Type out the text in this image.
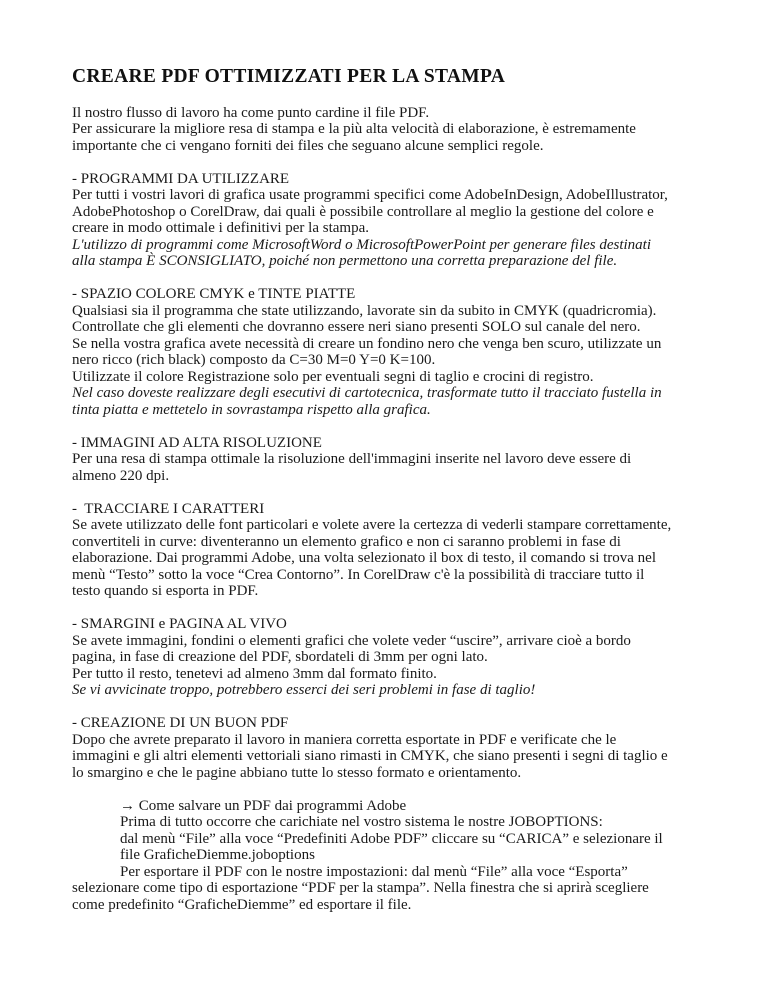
CREARE PDF OTTIMIZZATI PER LA STAMPA
Il nostro flusso di lavoro ha come punto cardine il file PDF.
Per assicurare la migliore resa di stampa e la più alta velocità di elaborazione, è estremamente
importante che ci vengano forniti dei files che seguano alcune semplici regole.
- PROGRAMMI DA UTILIZZARE
Per tutti i vostri lavori di grafica usate programmi specifici come AdobeInDesign, AdobeIllustrator,
AdobePhotoshop o CorelDraw, dai quali è possibile controllare al meglio la gestione del colore e
creare in modo ottimale i definitivi per la stampa.
L'utilizzo di programmi come MicrosoftWord o MicrosoftPowerPoint per generare files destinati
alla stampa È SCONSIGLIATO, poiché non permettono una corretta preparazione del file.
- SPAZIO COLORE CMYK e TINTE PIATTE
Qualsiasi sia il programma che state utilizzando, lavorate sin da subito in CMYK (quadricromia).
Controllate che gli elementi che dovranno essere neri siano presenti SOLO sul canale del nero.
Se nella vostra grafica avete necessità di creare un fondino nero che venga ben scuro, utilizzate un
nero ricco (rich black) composto da C=30 M=0 Y=0 K=100.
Utilizzate il colore Registrazione solo per eventuali segni di taglio e crocini di registro.
Nel caso doveste realizzare degli esecutivi di cartotecnica, trasformate tutto il tracciato fustella in
tinta piatta e mettetelo in sovrastampa rispetto alla grafica.
- IMMAGINI AD ALTA RISOLUZIONE
Per una resa di stampa ottimale la risoluzione dell'immagini inserite nel lavoro deve essere di
almeno 220 dpi.
-  TRACCIARE I CARATTERI
Se avete utilizzato delle font particolari e volete avere la certezza di vederli stampare correttamente,
convertiteli in curve: diventeranno un elemento grafico e non ci saranno problemi in fase di
elaborazione. Dai programmi Adobe, una volta selezionato il box di testo, il comando si trova nel
menù “Testo” sotto la voce “Crea Contorno”. In CorelDraw c'è la possibilità di tracciare tutto il
testo quando si esporta in PDF.
- SMARGINI e PAGINA AL VIVO
Se avete immagini, fondini o elementi grafici che volete veder “uscire”, arrivare cioè a bordo
pagina, in fase di creazione del PDF, sbordateli di 3mm per ogni lato.
Per tutto il resto, tenetevi ad almeno 3mm dal formato finito.
Se vi avvicinate troppo, potrebbero esserci dei seri problemi in fase di taglio!
- CREAZIONE DI UN BUON PDF
Dopo che avrete preparato il lavoro in maniera corretta esportate in PDF e verificate che le
immagini e gli altri elementi vettoriali siano rimasti in CMYK, che siano presenti i segni di taglio e
lo smargino e che le pagine abbiano tutte lo stesso formato e orientamento.
→ Come salvare un PDF dai programmi Adobe
Prima di tutto occorre che carichiate nel vostro sistema le nostre JOBOPTIONS:
dal menù “File” alla voce “Predefiniti Adobe PDF” cliccare su “CARICA” e selezionare il
file GraficheDiemme.joboptions
Per esportare il PDF con le nostre impostazioni: dal menù “File” alla voce “Esporta”
selezionare come tipo di esportazione “PDF per la stampa”. Nella finestra che si aprirà scegliere
come predefinito “GraficheDiemme” ed esportare il file.
